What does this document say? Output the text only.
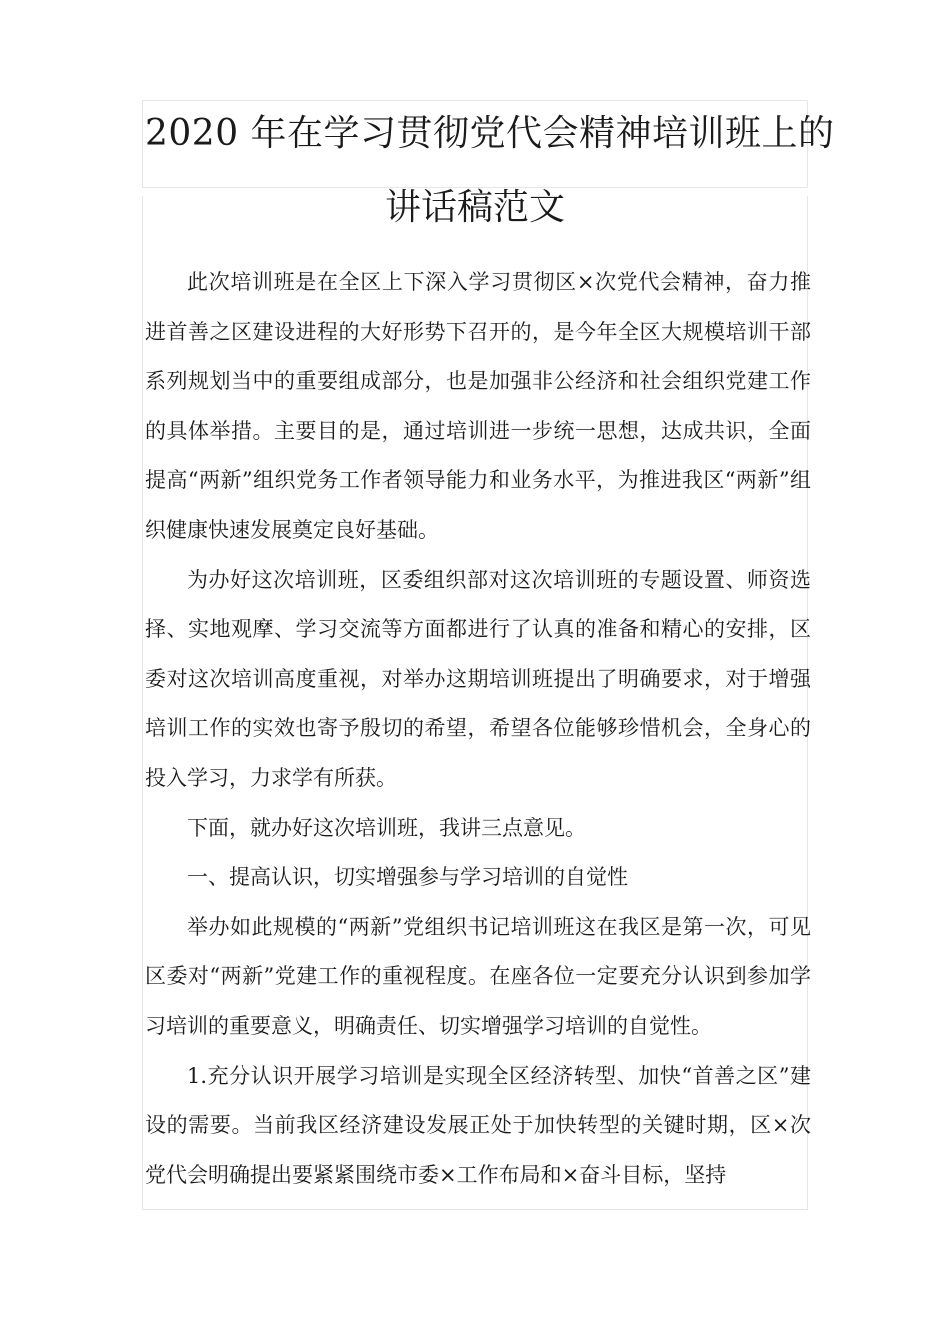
2020 年在学习贯彻党代会精神培训班上的
讲话稿范文

此次培训班是在全区上下深入学习贯彻区×次党代会精神，奋力推进首善之区建设进程的大好形势下召开的，是今年全区大规模培训干部系列规划当中的重要组成部分，也是加强非公经济和社会组织党建工作的具体举措。主要目的是，通过培训进一步统一思想，达成共识，全面提高“两新”组织党务工作者领导能力和业务水平，为推进我区“两新”组织健康快速发展奠定良好基础。

为办好这次培训班，区委组织部对这次培训班的专题设置、师资选择、实地观摩、学习交流等方面都进行了认真的准备和精心的安排，区委对这次培训高度重视，对举办这期培训班提出了明确要求，对于增强培训工作的实效也寄予殷切的希望，希望各位能够珍惜机会，全身心的投入学习，力求学有所获。

下面，就办好这次培训班，我讲三点意见。

一、提高认识，切实增强参与学习培训的自觉性

举办如此规模的“两新”党组织书记培训班这在我区是第一次，可见区委对“两新”党建工作的重视程度。在座各位一定要充分认识到参加学习培训的重要意义，明确责任、切实增强学习培训的自觉性。

1.充分认识开展学习培训是实现全区经济转型、加快“首善之区”建设的需要。当前我区经济建设发展正处于加快转型的关键时期，区×次党代会明确提出要紧紧围绕市委×工作布局和×奋斗目标，坚持
